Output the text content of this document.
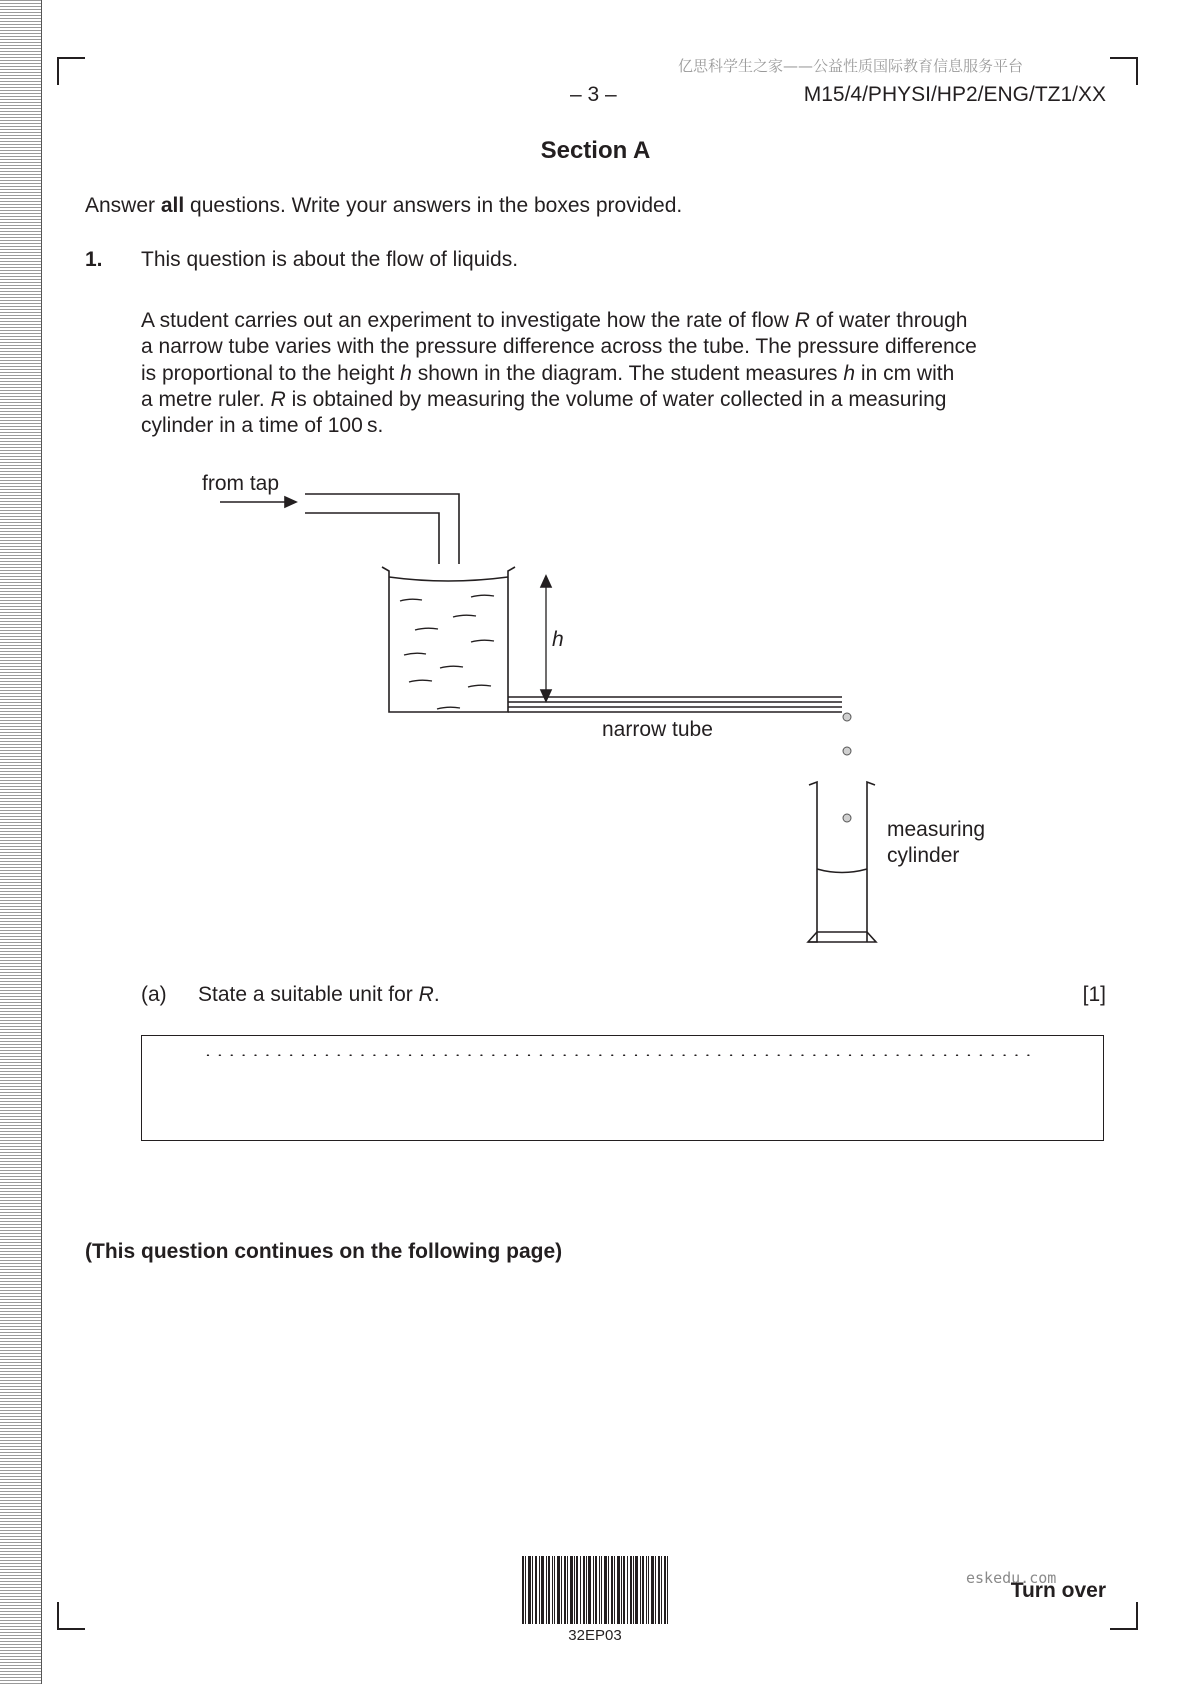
亿思科学生之家——公益性质国际教育信息服务平台
– 3 –	M15/4/PHYSI/HP2/ENG/TZ1/XX
Section A
Answer all questions. Write your answers in the boxes provided.
1. This question is about the flow of liquids.
A student carries out an experiment to investigate how the rate of flow R of water through
a narrow tube varies with the pressure difference across the tube. The pressure difference
is proportional to the height h shown in the diagram. The student measures h in cm with
a metre ruler. R is obtained by measuring the volume of water collected in a measuring
cylinder in a time of 100 s.
from tap
h
narrow tube
measuring
cylinder
(a) State a suitable unit for R.	[1]
(This question continues on the following page)
32EP03
Turn over
eskedu.com
